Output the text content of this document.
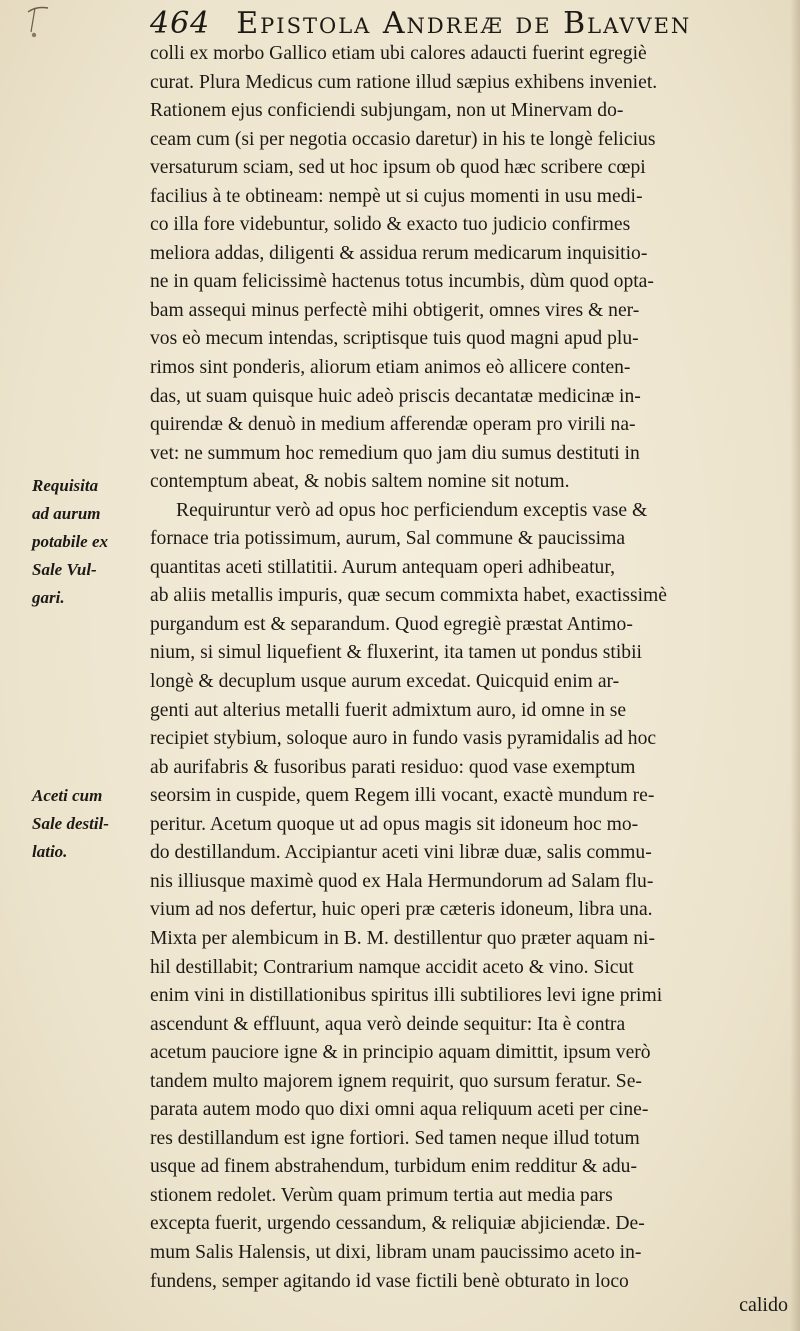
464 Epistola Andreæ de Blavven
Requisita
ad aurum
potabile ex
Sale Vul-
gari.
Aceti cum
Sale destil-
latio.
colli ex morbo Gallico etiam ubi calores adaucti fuerint egregiè
curat. Plura Medicus cum ratione illud sæpius exhibens inveniet.
Rationem ejus conficiendi subjungam, non ut Minervam do-
ceam cum (si per negotia occasio daretur) in his te longè felicius
versaturum sciam, sed ut hoc ipsum ob quod hæc scribere cœpi
facilius à te obtineam: nempè ut si cujus momenti in usu medi-
co illa fore videbuntur, solido & exacto tuo judicio confirmes
meliora addas, diligenti & assidua rerum medicarum inquisitio-
ne in quam felicissimè hactenus totus incumbis, dùm quod opta-
bam assequi minus perfectè mihi obtigerit, omnes vires & ner-
vos eò mecum intendas, scriptisque tuis quod magni apud plu-
rimos sint ponderis, aliorum etiam animos eò allicere conten-
das, ut suam quisque huic adeò priscis decantatæ medicinæ in-
quirendæ & denuò in medium afferendæ operam pro virili na-
vet: ne summum hoc remedium quo jam diu sumus destituti in
contemptum abeat, & nobis saltem nomine sit notum.
Requiruntur verò ad opus hoc perficiendum exceptis vase &
fornace tria potissimum, aurum, Sal commune & paucissima
quantitas aceti stillatitii. Aurum antequam operi adhibeatur,
ab aliis metallis impuris, quæ secum commixta habet, exactissimè
purgandum est & separandum. Quod egregiè præstat Antimo-
nium, si simul liquefient & fluxerint, ita tamen ut pondus stibii
longè & decuplum usque aurum excedat. Quicquid enim ar-
genti aut alterius metalli fuerit admixtum auro, id omne in se
recipiet stybium, soloque auro in fundo vasis pyramidalis ad hoc
ab aurifabris & fusoribus parati residuo: quod vase exemptum
seorsim in cuspide, quem Regem illi vocant, exactè mundum re-
peritur. Acetum quoque ut ad opus magis sit idoneum hoc mo-
do destillandum. Accipiantur aceti vini libræ duæ, salis commu-
nis illiusque maximè quod ex Hala Hermundorum ad Salam flu-
vium ad nos defertur, huic operi præ cæteris idoneum, libra una.
Mixta per alembicum in B. M. destillentur quo præter aquam ni-
hil destillabit; Contrarium namque accidit aceto & vino. Sicut
enim vini in distillationibus spiritus illi subtiliores levi igne primi
ascendunt & effluunt, aqua verò deinde sequitur: Ita è contra
acetum pauciore igne & in principio aquam dimittit, ipsum verò
tandem multo majorem ignem requirit, quo sursum feratur. Se-
parata autem modo quo dixi omni aqua reliquum aceti per cine-
res destillandum est igne fortiori. Sed tamen neque illud totum
usque ad finem abstrahendum, turbidum enim redditur & adu-
stionem redolet. Verùm quam primum tertia aut media pars
excepta fuerit, urgendo cessandum, & reliquiæ abjiciendæ. De-
mum Salis Halensis, ut dixi, libram unam paucissimo aceto in-
fundens, semper agitando id vase fictili benè obturato in loco
calido
